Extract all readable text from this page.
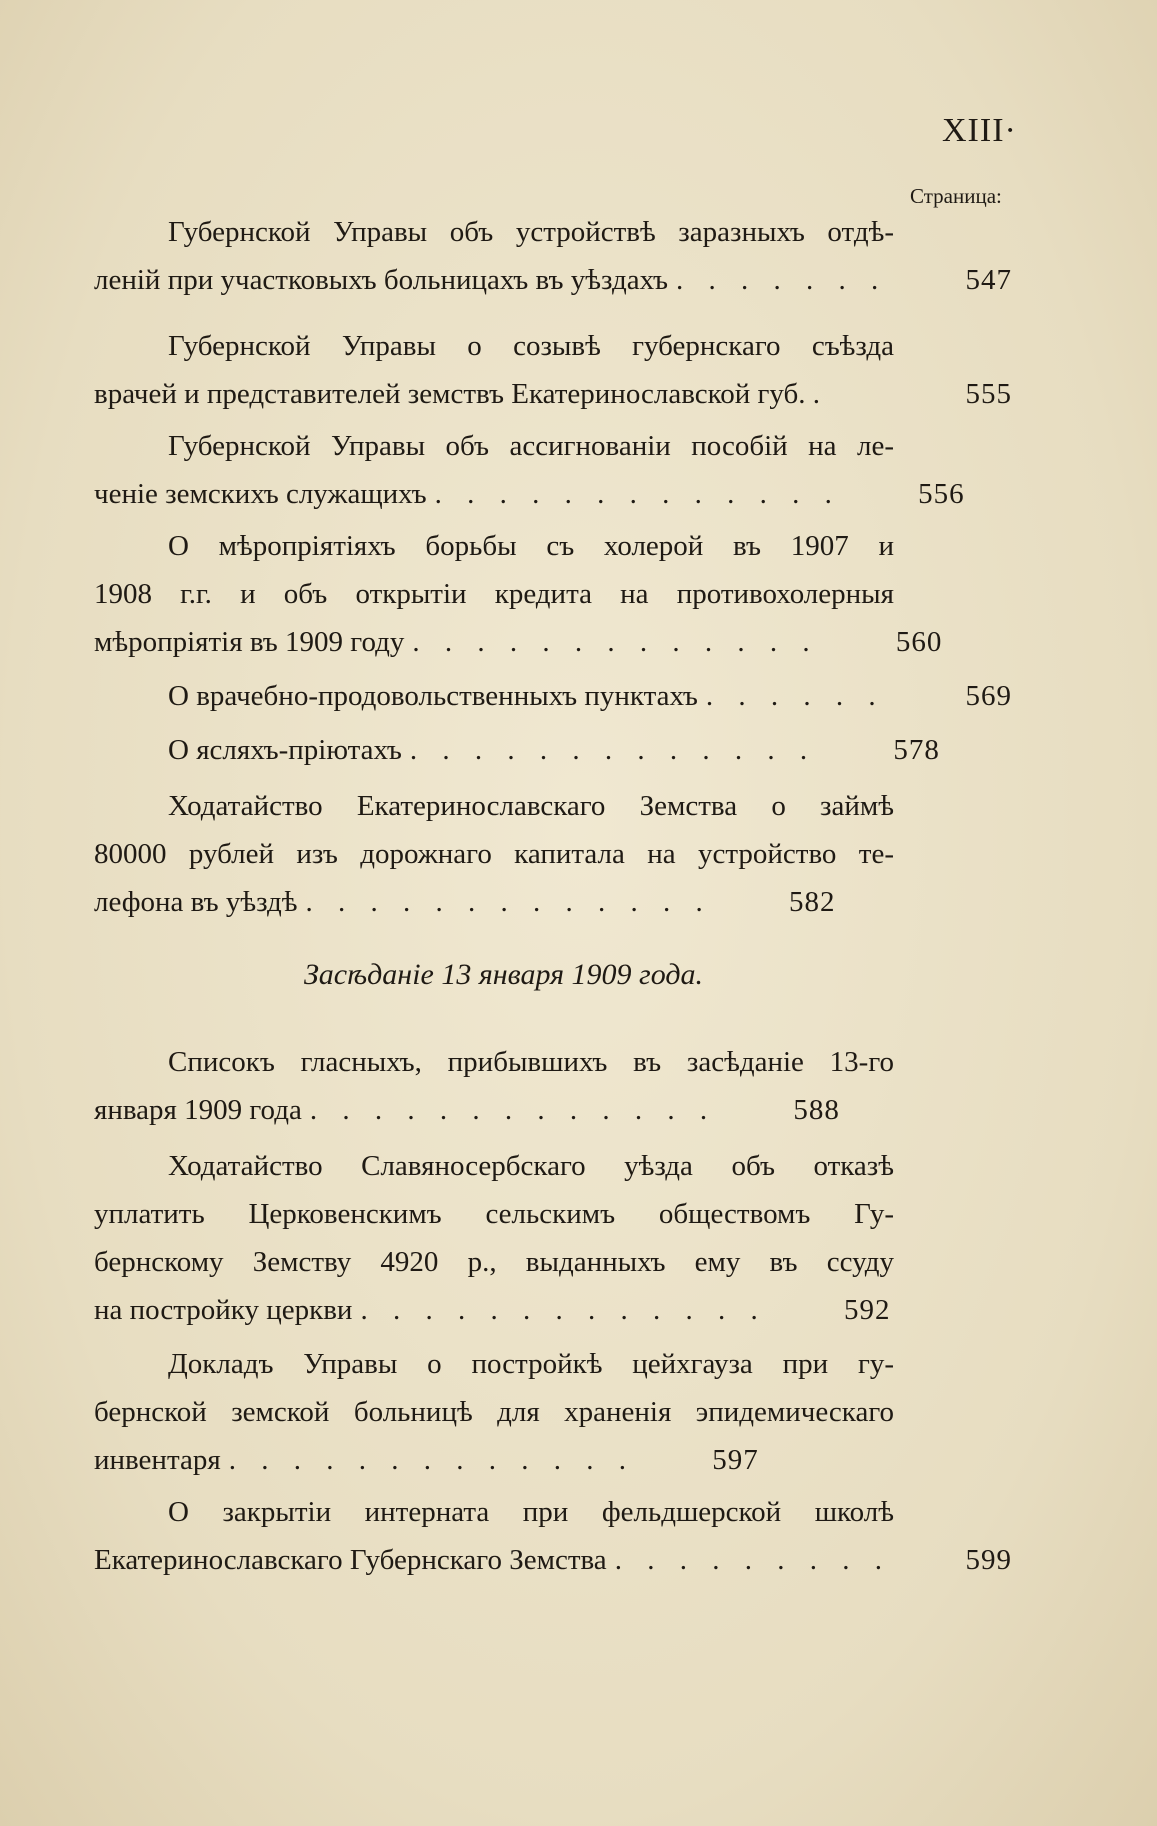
XIII·
Страница:
Губернской Управы объ устройствѣ заразныхъ отдѣ-
леній при участковыхъ больницахъ въ уѣздахъ . . .	547
Губернской Управы о созывѣ губернскаго съѣзда
врачей и представителей земствъ Екатеринославской губ. .	555
Губернской Управы объ ассигнованіи пособій на ле-
ченіе земскихъ служащихъ . . .	556
О мѣропріятіяхъ борьбы съ холерой въ 1907 и
1908 г.г. и объ открытіи кредита на противохолерныя
мѣропріятія въ 1909 году . . .	560
О врачебно-продовольственныхъ пунктахъ . . .	569
О ясляхъ-пріютахъ . . .	578
Ходатайство Екатеринославскаго Земства о займѣ
80000 рублей изъ дорожнаго капитала на устройство те-
лефона въ уѣздѣ . . .	582
Засѣданіе 13 января 1909 года.
Списокъ гласныхъ, прибывшихъ въ засѣданіе 13-го
января 1909 года . . .	588
Ходатайство Славяносербскаго уѣзда объ отказѣ
уплатить Церковенскимъ сельскимъ обществомъ Гу-
бернскому Земству 4920 р., выданныхъ ему въ ссуду
на постройку церкви . . .	592
Докладъ Управы о постройкѣ цейхгауза при гу-
бернской земской больницѣ для храненія эпидемическаго
инвентаря . . .	597
О закрытіи интерната при фельдшерской школѣ
Екатеринославскаго Губернскаго Земства . . .	599
